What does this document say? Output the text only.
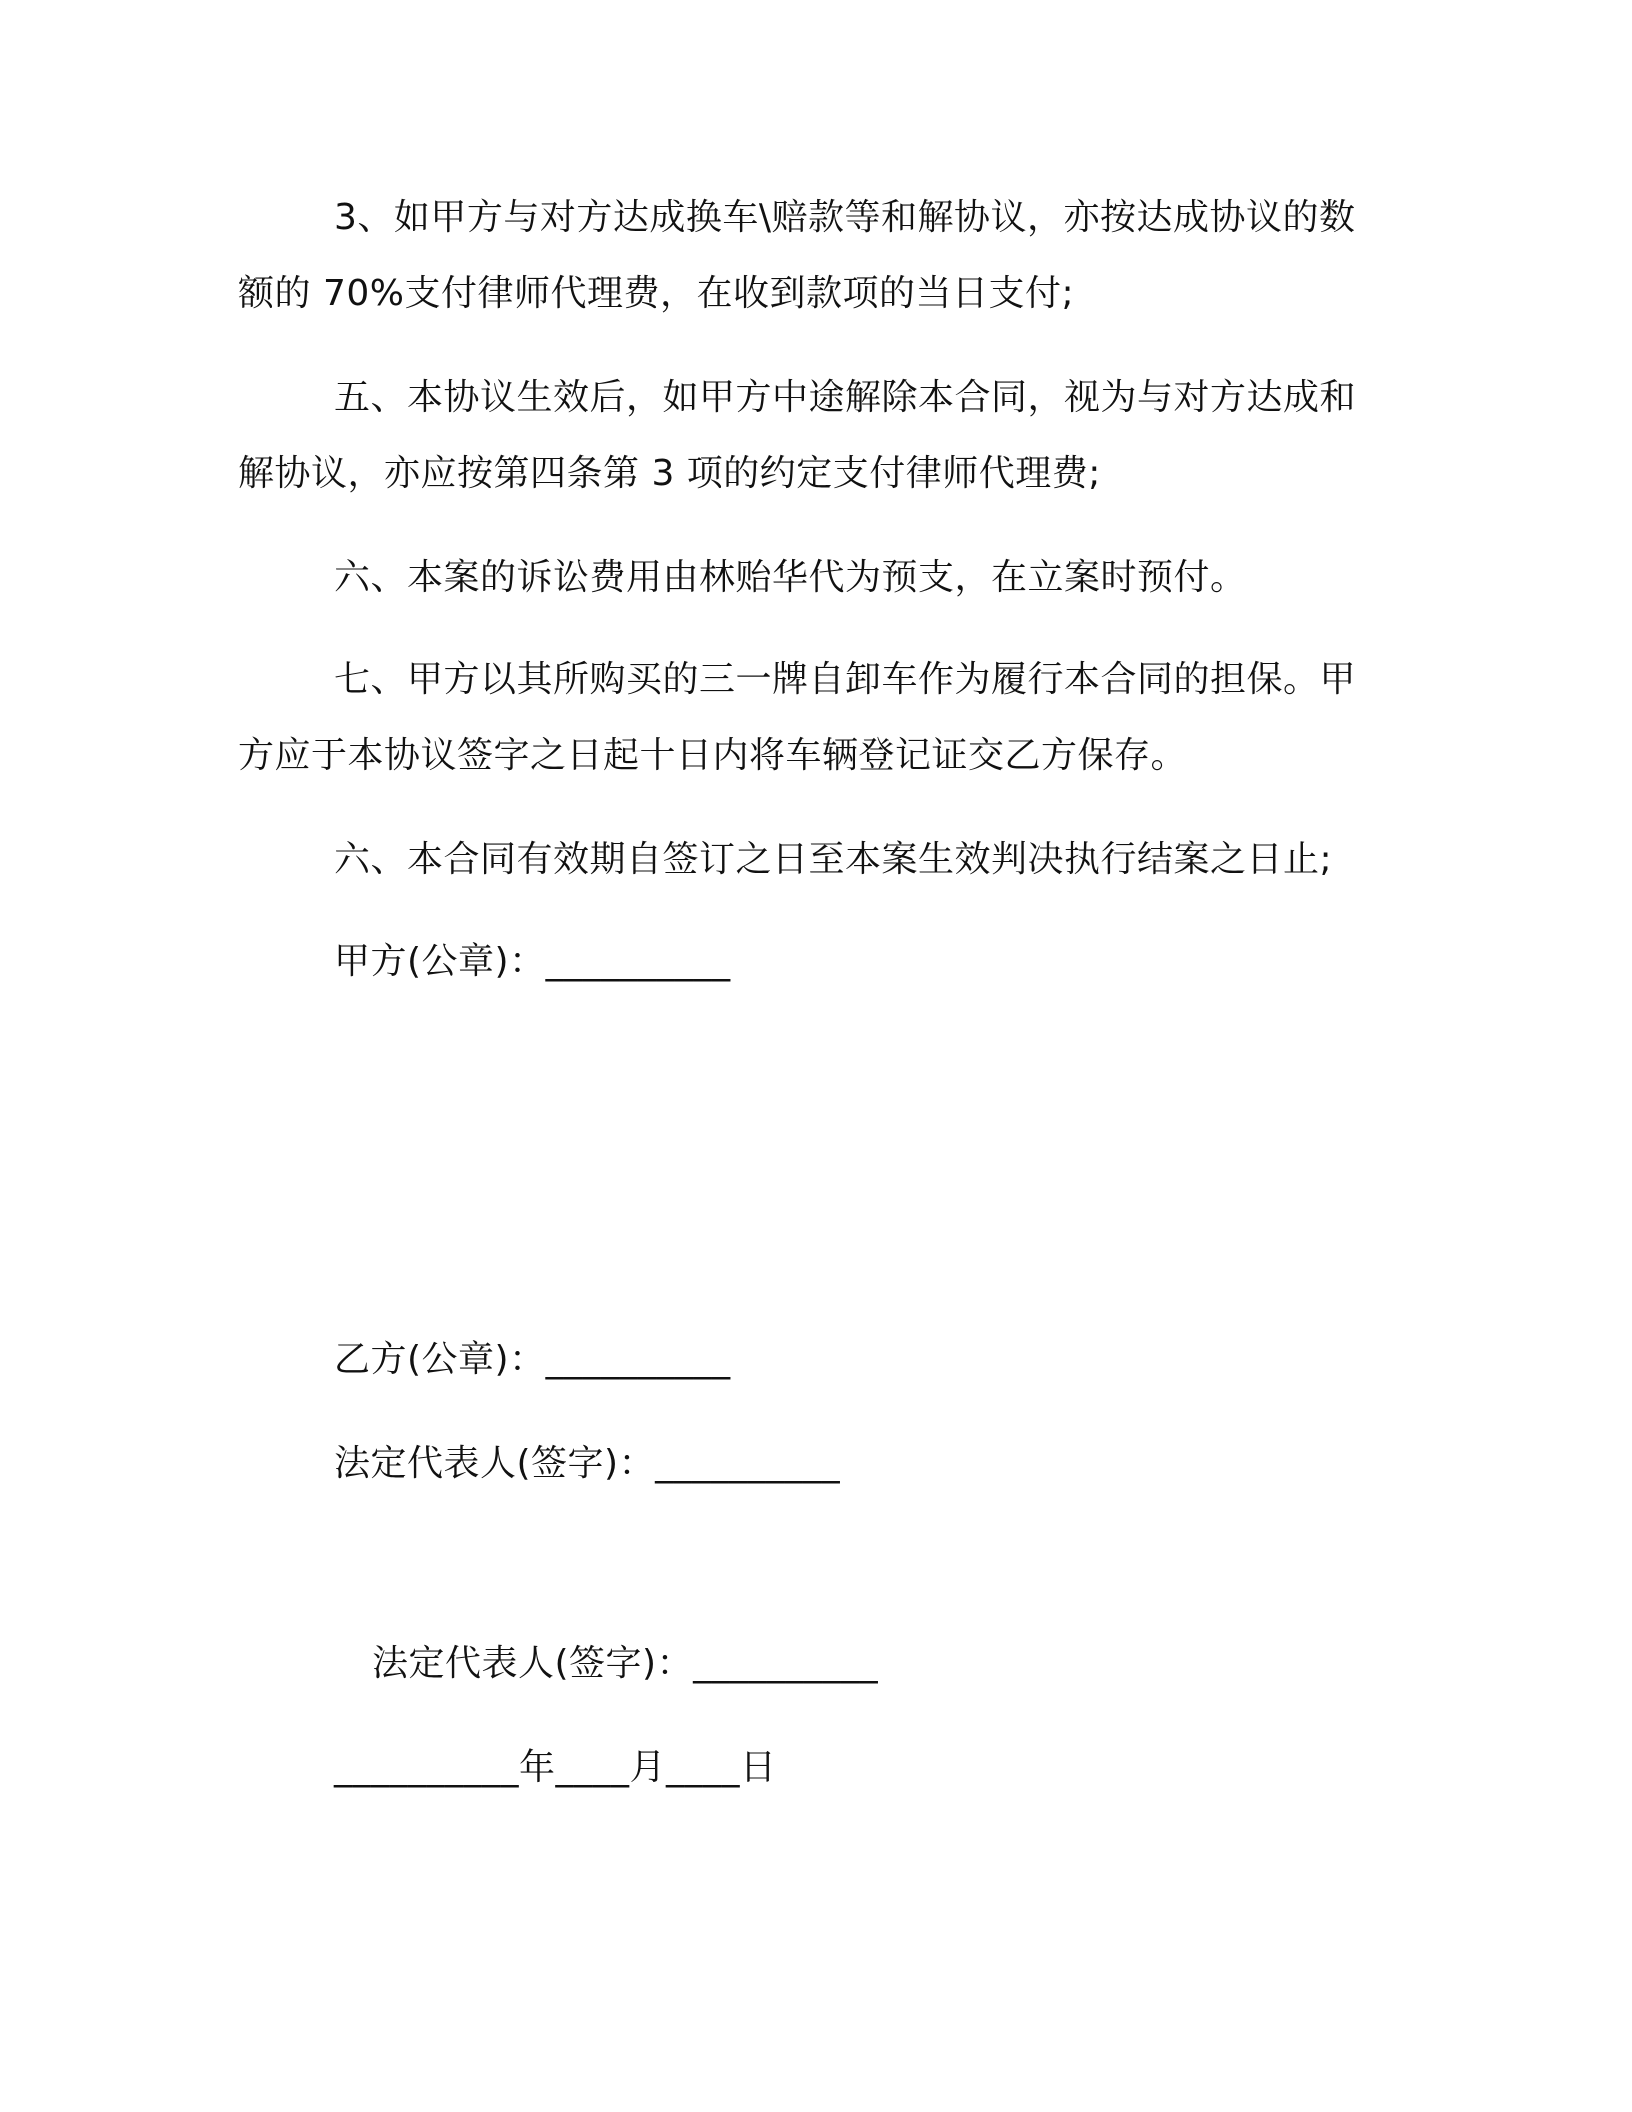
3、如甲方与对方达成换车\赔款等和解协议，亦按达成协议的数
额的 70%支付律师代理费，在收到款项的当日支付;
五、本协议生效后，如甲方中途解除本合同，视为与对方达成和
解协议，亦应按第四条第 3 项的约定支付律师代理费;
六、本案的诉讼费用由林贻华代为预支，在立案时预付。
七、甲方以其所购买的三一牌自卸车作为履行本合同的担保。甲
方应于本协议签字之日起十日内将车辆登记证交乙方保存。
六、本合同有效期自签订之日至本案生效判决执行结案之日止;
甲方(公章)：__________
乙方(公章)：__________
法定代表人(签字)：__________
法定代表人(签字)：__________
__________年____月____日
